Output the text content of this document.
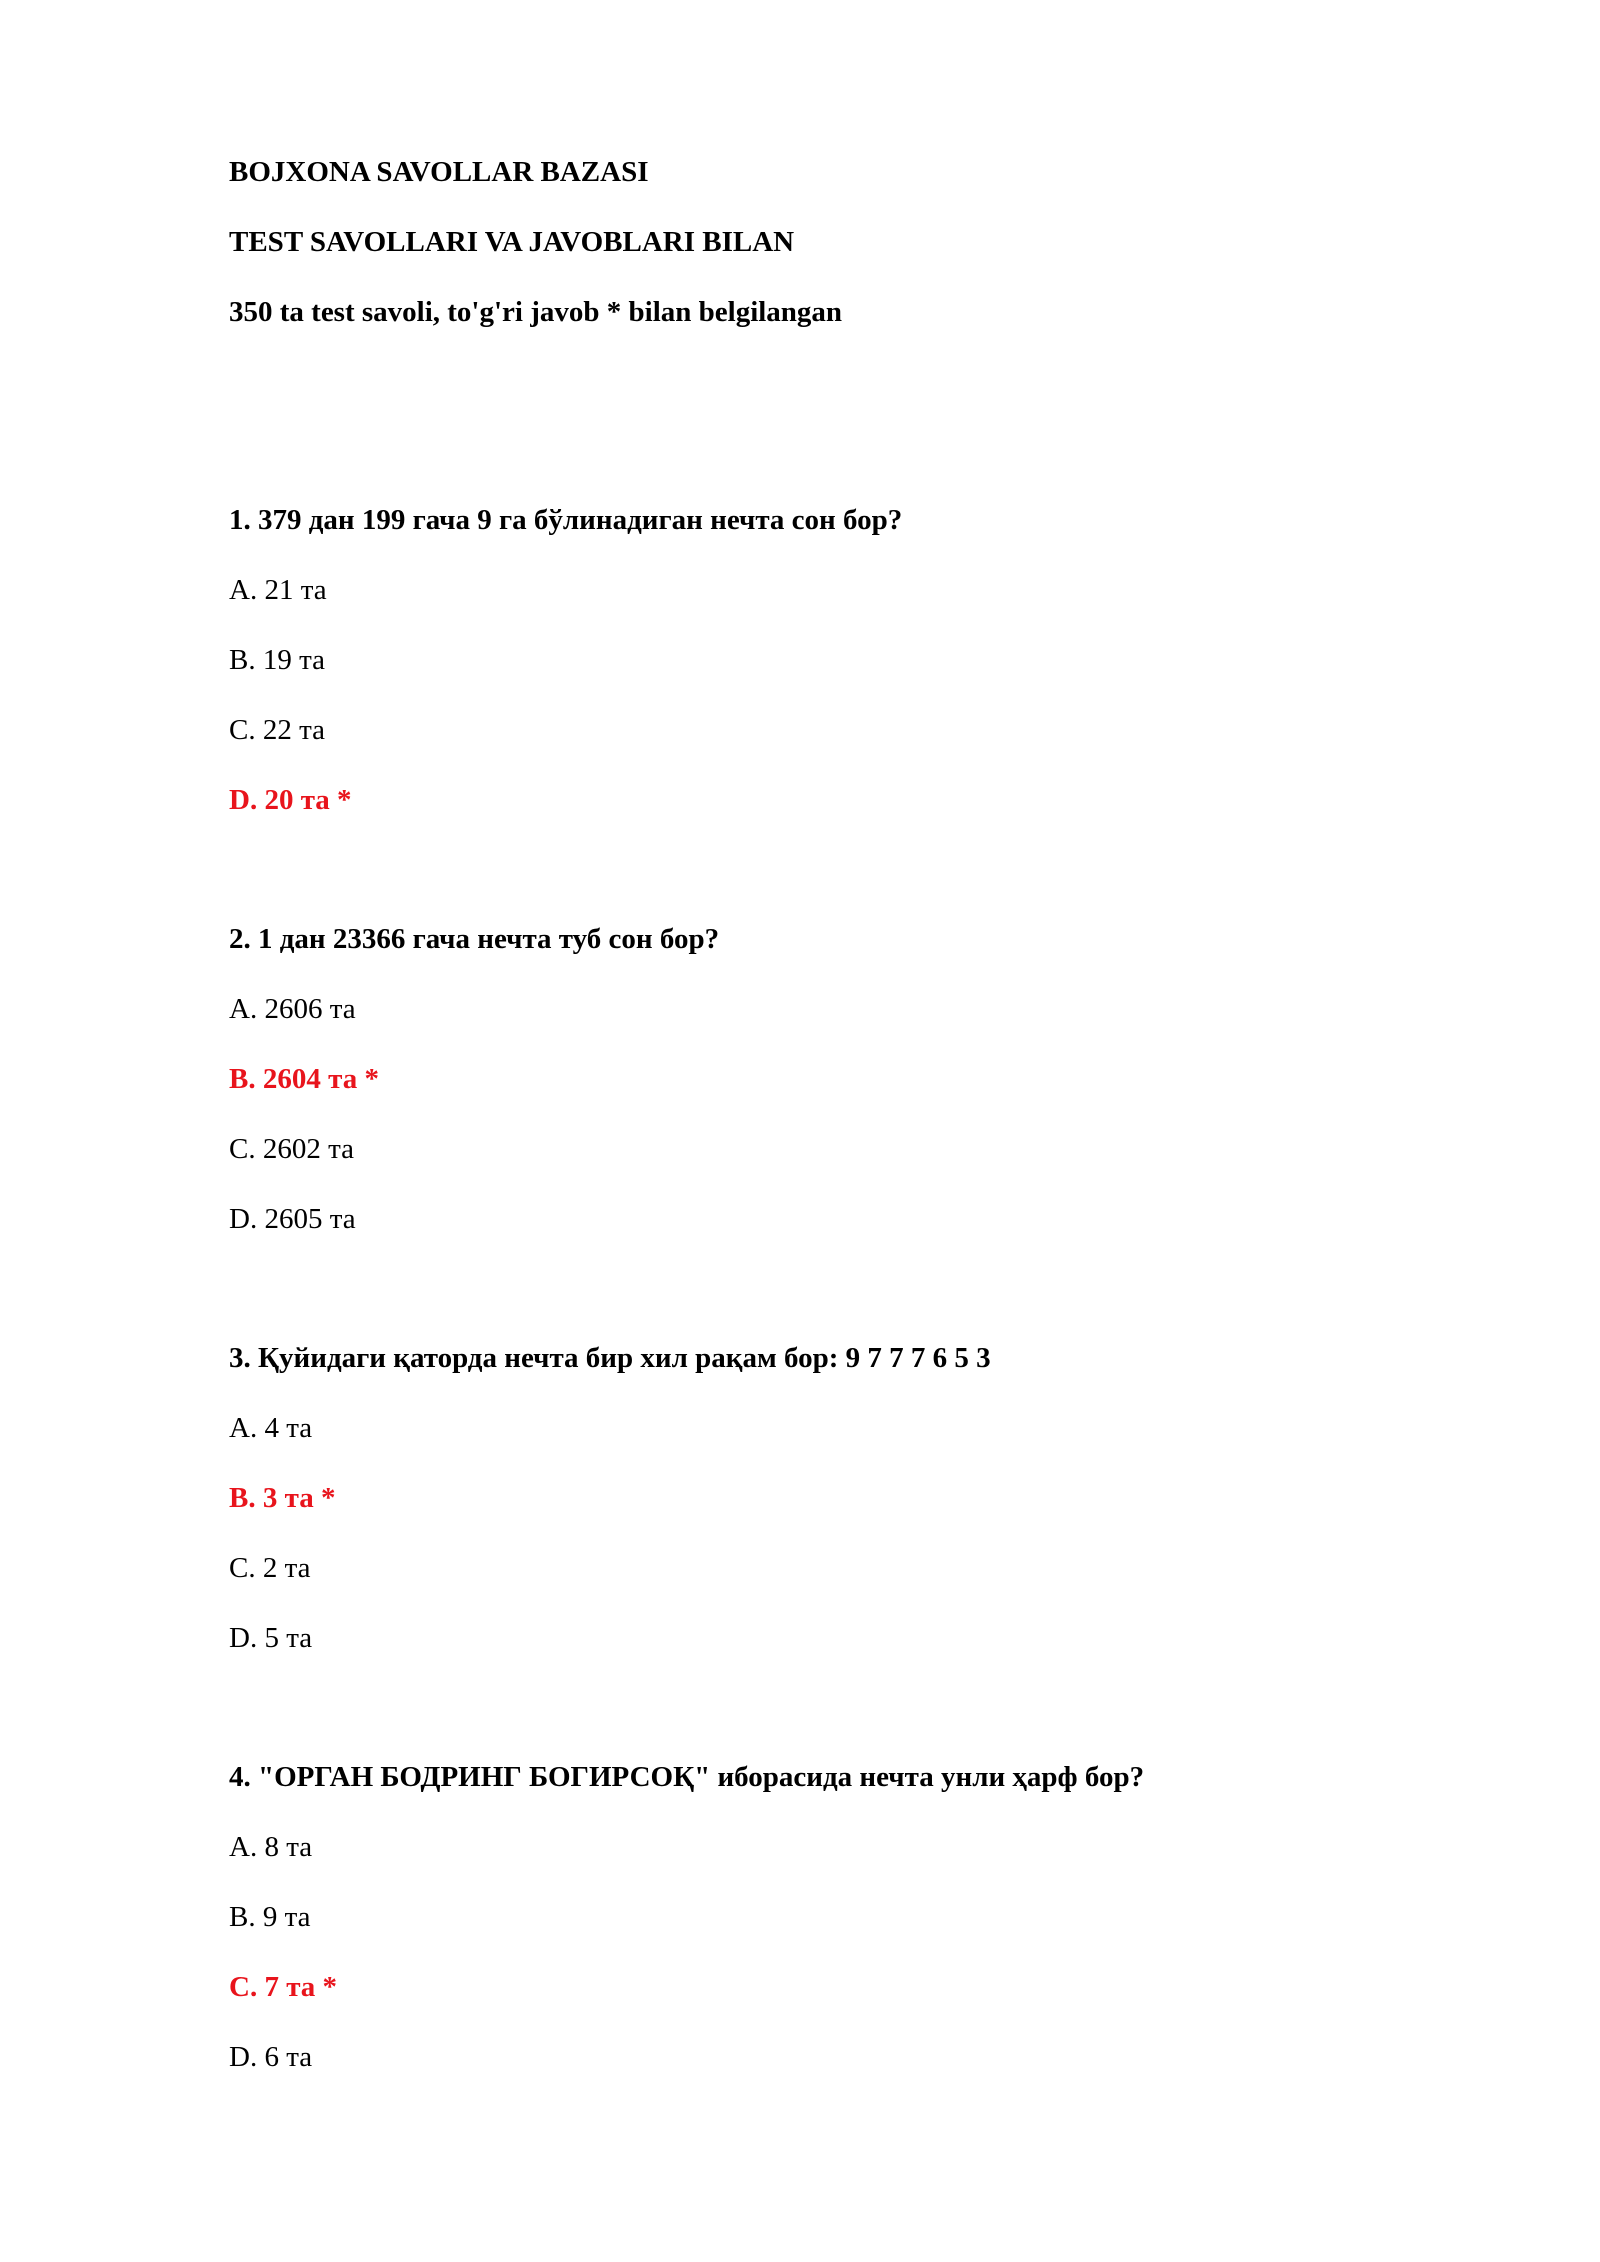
BOJXONA SAVOLLAR BAZASI
TEST SAVOLLARI VA JAVOBLARI BILAN
350 ta test savoli, to'g'ri javob * bilan belgilangan
1. 379 дан 199 гача 9 га бўлинадиган нечта сон бор?
A. 21 та
B. 19 та
C. 22 та
D. 20 та *
2. 1 дан 23366 гача нечта туб сон бор?
A. 2606 та
B. 2604 та *
C. 2602 та
D. 2605 та
3. Қуйидаги қаторда нечта бир хил рақам бор: 9 7 7 7 6 5 3
A. 4 та
B. 3 та *
C. 2 та
D. 5 та
4. "ОРГАН БОДРИНГ БОГИРСОҚ" иборасида нечта унли ҳарф бор?
A. 8 та
B. 9 та
C. 7 та *
D. 6 та
